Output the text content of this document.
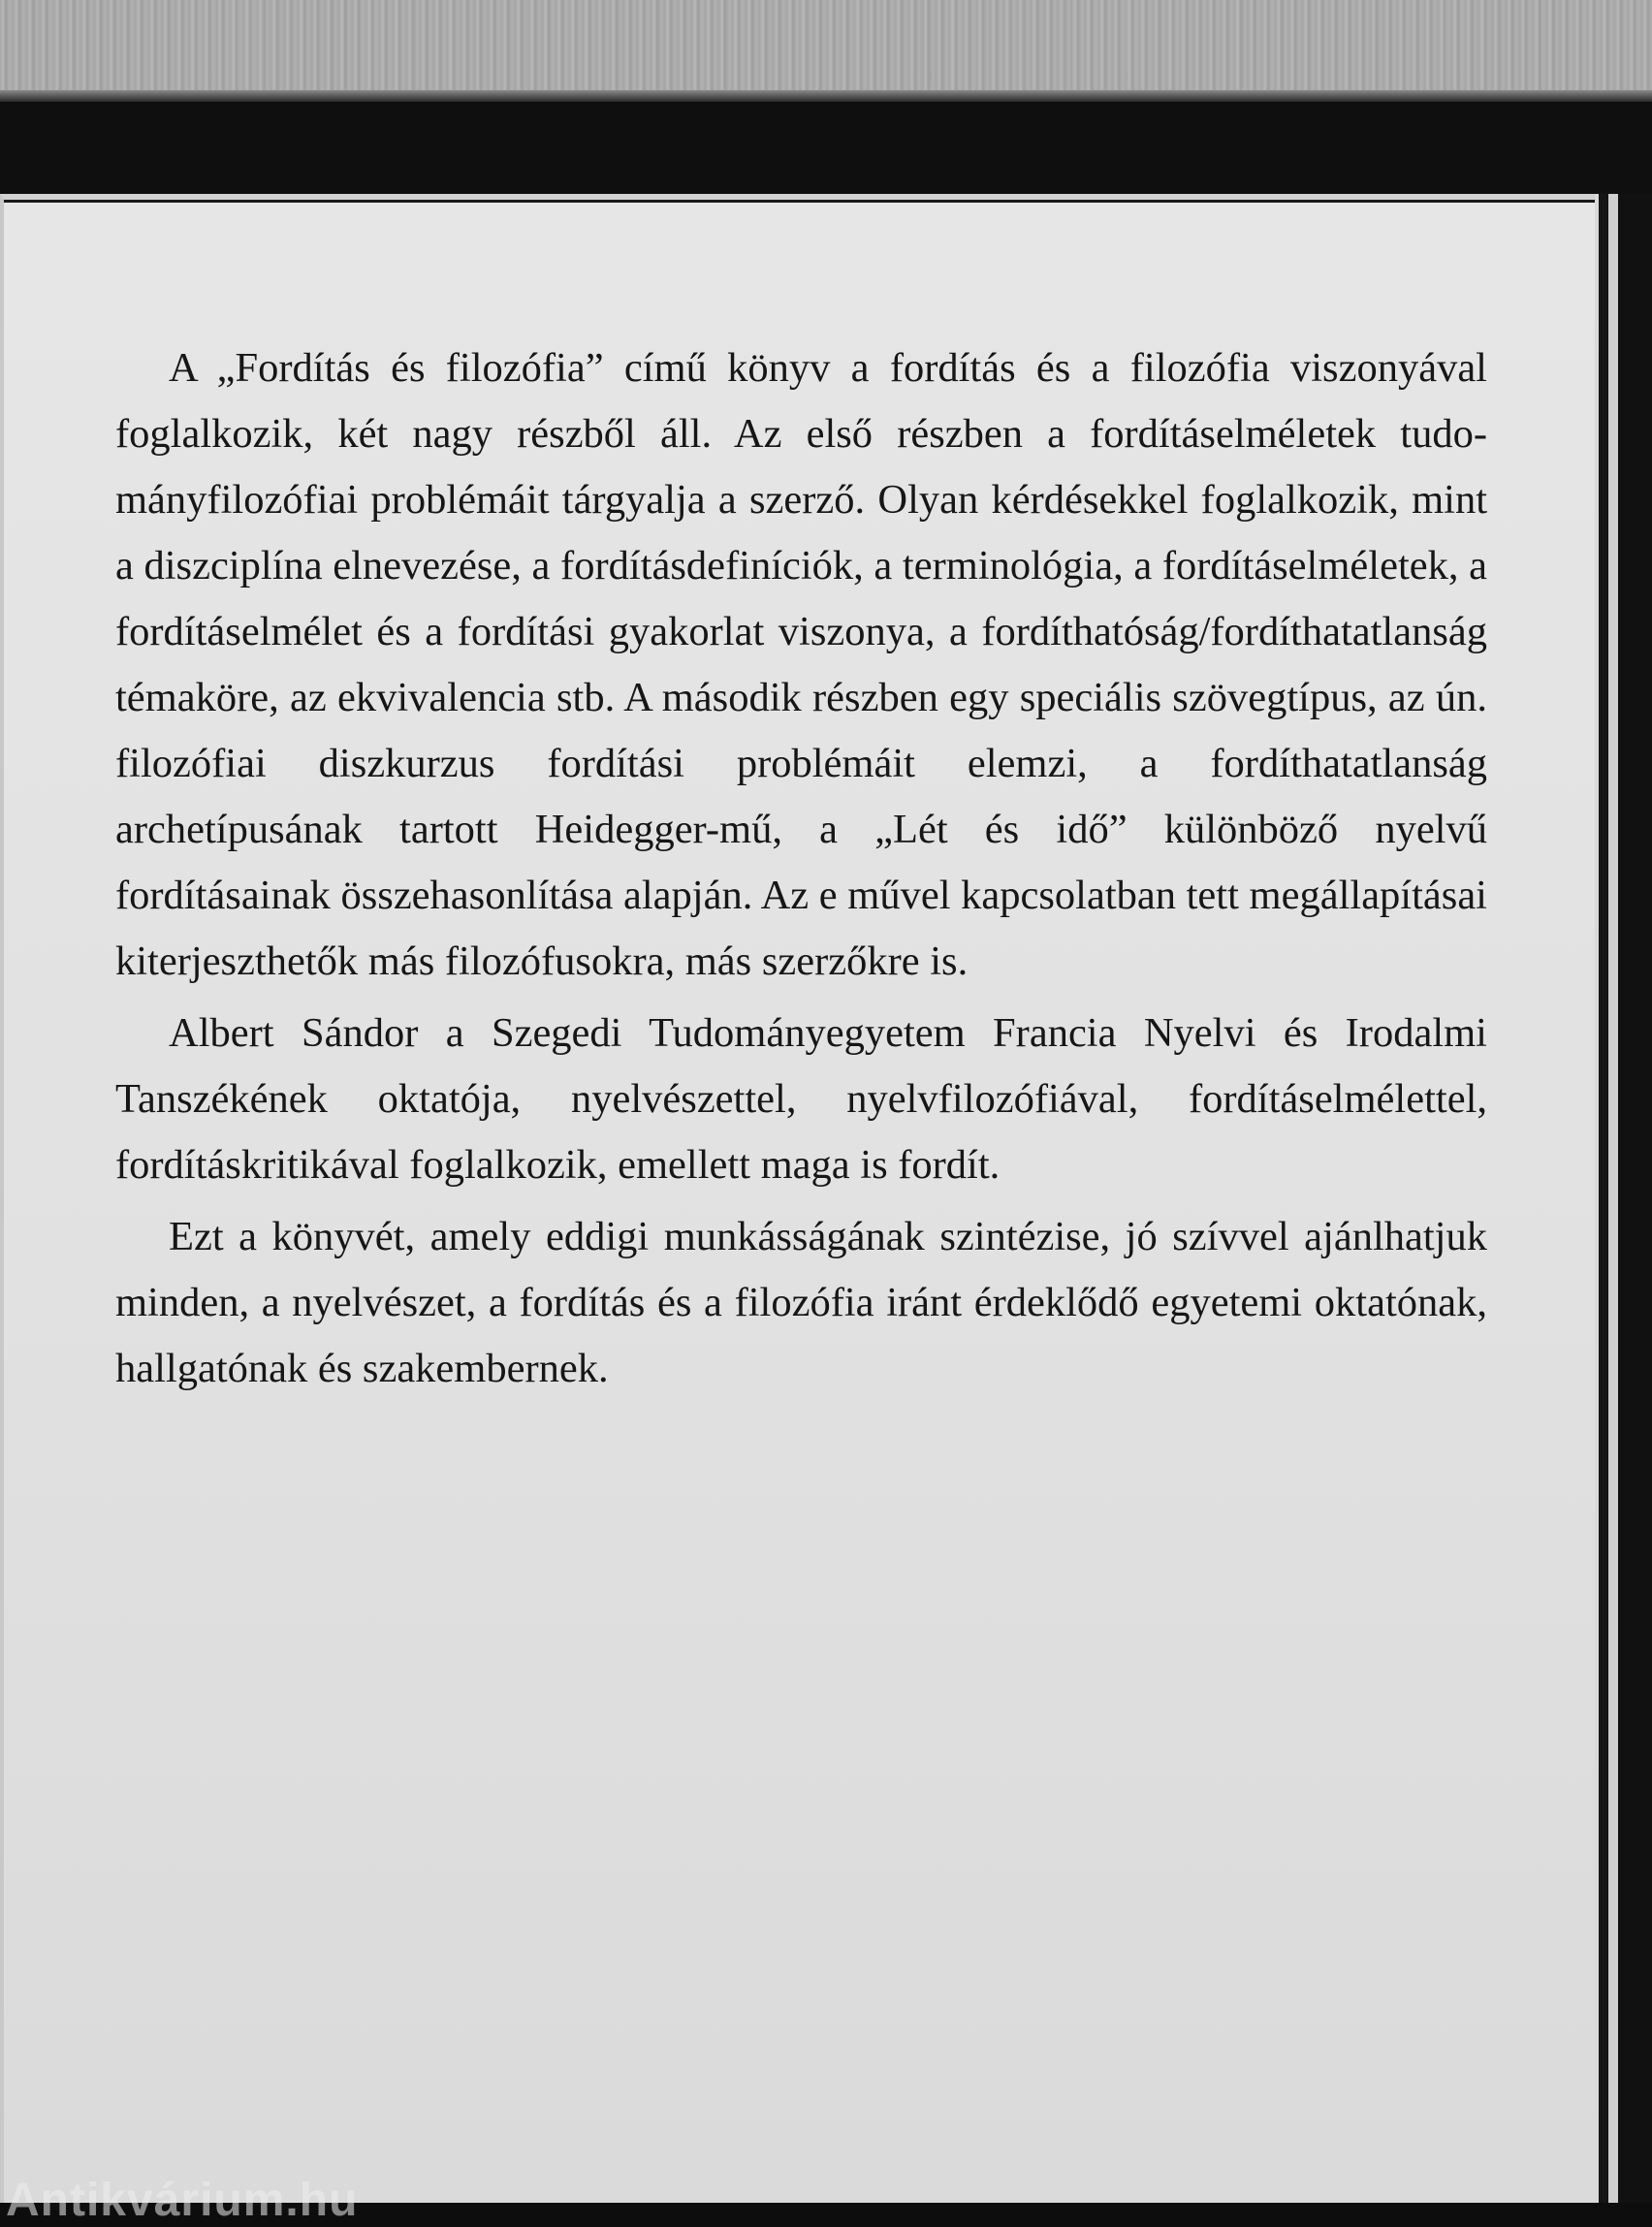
A „Fordítás és filozófia” című könyv a fordítás és a filozófia viszonyával foglalkozik, két nagy részből áll. Az első részben a fordításelméletek tudományfilozófiai problémáit tárgyalja a szerző. Olyan kérdésekkel foglalkozik, mint a diszciplína elnevezése, a fordításdefiníciók, a terminológia, a fordításelméletek, a fordításelmélet és a fordítási gyakorlat viszonya, a fordíthatóság/fordíthatatlanság témaköre, az ekvivalencia stb. A második részben egy speciális szövegtípus, az ún. filozófiai diszkurzus fordítási problémáit elemzi, a fordíthatatlanság archetípusának tartott Heidegger-mű, a „Lét és idő” különböző nyelvű fordításainak összehasonlítása alapján. Az e művel kapcsolatban tett megállapításai kiterjeszthetők más filozófusokra, más szerzőkre is.

Albert Sándor a Szegedi Tudományegyetem Francia Nyelvi és Irodalmi Tanszékének oktatója, nyelvészettel, nyelvfilozófiával, fordításelmélettel, fordításkritikával foglalkozik, emellett maga is fordít.

Ezt a könyvét, amely eddigi munkásságának szintézise, jó szívvel ajánlhatjuk minden, a nyelvészet, a fordítás és a filozófia iránt érdeklődő egyetemi oktatónak, hallgatónak és szakembernek.

Antikvárium.hu
